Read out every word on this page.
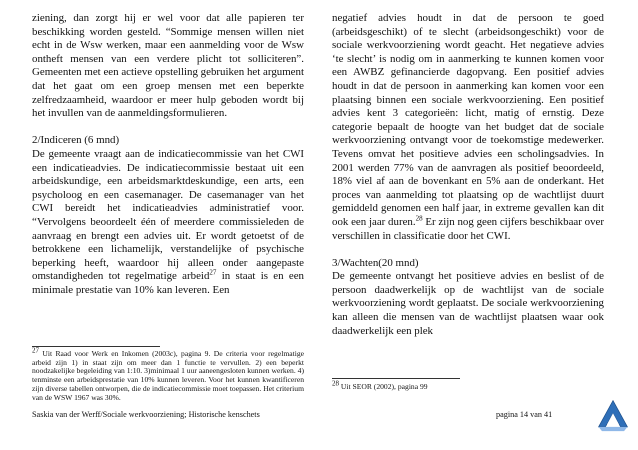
ziening, dan zorgt hij er wel voor dat alle papieren ter beschikking worden gesteld. “Sommige mensen willen niet echt in de Wsw werken, maar een aanmelding voor de Wsw ontheft mensen van een verdere plicht tot solliciteren”. Gemeenten met een actieve opstelling gebruiken het argument dat het gaat om een groep mensen met een beperkte zelfredzaamheid, waardoor er meer hulp geboden wordt bij het invullen van de aanmeldingsformulieren.

2/Indiceren (6 mnd)

De gemeente vraagt aan de indicatiecommissie van het CWI een indicatieadvies. De indicatiecommissie bestaat uit een arbeidskundige, een arbeidsmarktdeskundige, een arts, een psycholoog en een casemanager. De casemanager van het CWI bereidt het indicatieadvies administratief voor. “Vervolgens beoordeelt één of meerdere commissieleden de aanvraag en brengt een advies uit. Er wordt getoetst of de betrokkene een lichamelijk, verstandelijke of psychische beperking heeft, waardoor hij alleen onder aangepaste omstandigheden tot regelmatige arbeid$^{27}$ in staat is en een minimale prestatie van 10% kan leveren. Een

$^{27}$ Uit Raad voor Werk en Inkomen (2003c), pagina 9. De criteria voor regelmatige arbeid zijn 1) in staat zijn om meer dan 1 functie te vervullen. 2) een beperkt noodzakelijke begeleiding van 1:10. 3)minimaal 1 uur aaneengesloten kunnen werken. 4) tenminste een arbeidsprestatie van 10% kunnen leveren. Voor het kunnen kwantificeren zijn diverse tabellen ontworpen, die de indicatiecommissie moet toepassen. Het criterium van de WSW 1967 was 30%.

negatief advies houdt in dat de persoon te goed (arbeidsgeschikt) of te slecht (arbeidsongeschikt) voor de sociale werkvoorziening wordt geacht. Het negatieve advies ‘te slecht’ is nodig om in aanmerking te kunnen komen voor een AWBZ gefinancierde dagopvang. Een positief advies houdt in dat de persoon in aanmerking kan komen voor een plaatsing binnen een sociale werkvoorziening. Een positief advies kent 3 categorieën: licht, matig of ernstig. Deze categorie bepaalt de hoogte van het budget dat de sociale werkvoorziening ontvangt voor de toekomstige medewerker. Tevens omvat het positieve advies een scholingsadvies. In 2001 werden 77% van de aanvragen als positief beoordeeld, 18% viel af aan de bovenkant en 5% aan de onderkant. Het proces van aanmelding tot plaatsing op de wachtlijst duurt gemiddeld genomen een half jaar, in extreme gevallen kan dit ook een jaar duren.$^{28}$ Er zijn nog geen cijfers beschikbaar over verschillen in classificatie door het CWI.

3/Wachten(20 mnd)

De gemeente ontvangt het positieve advies en beslist of de persoon daadwerkelijk op de wachtlijst van de sociale werkvoorziening wordt geplaatst. De sociale werkvoorziening kan alleen die mensen van de wachtlijst plaatsen waar ook daadwerkelijk een plek

$^{28}$ Uit SEOR (2002), pagina 99
Saskia van der Werff/Sociale werkvoorziening; Historische kenschets	pagina 14 van 41
